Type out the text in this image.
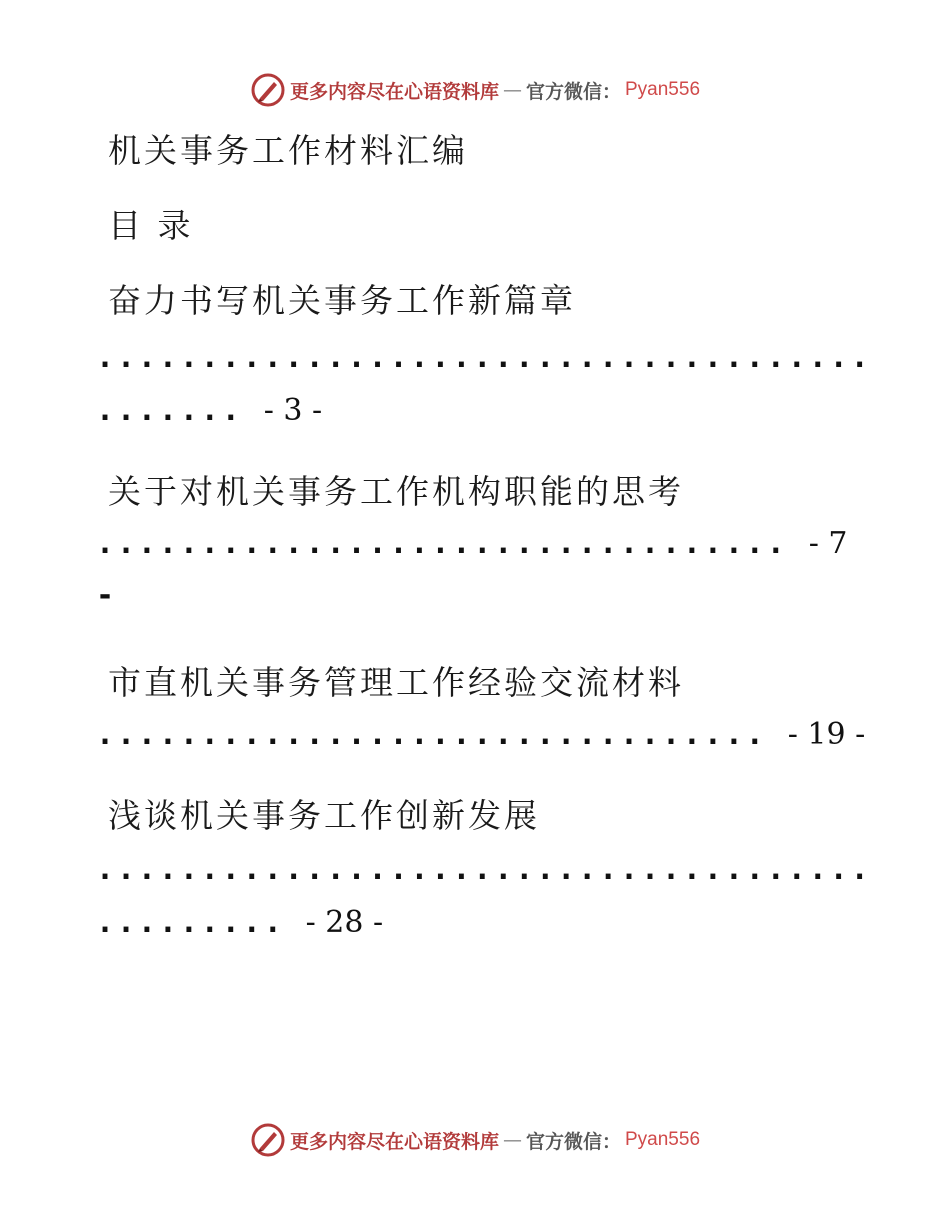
更多内容尽在心语资料库 — 官方微信： Pyan556
机关事务工作材料汇编
目 录
奋力书写机关事务工作新篇章
.....................................
....... - 3 -
关于对机关事务工作机构职能的思考
................................. - 7
-
市直机关事务管理工作经验交流材料
................................ - 19 -
浅谈机关事务工作创新发展
.....................................
......... - 28 -
更多内容尽在心语资料库 — 官方微信： Pyan556
